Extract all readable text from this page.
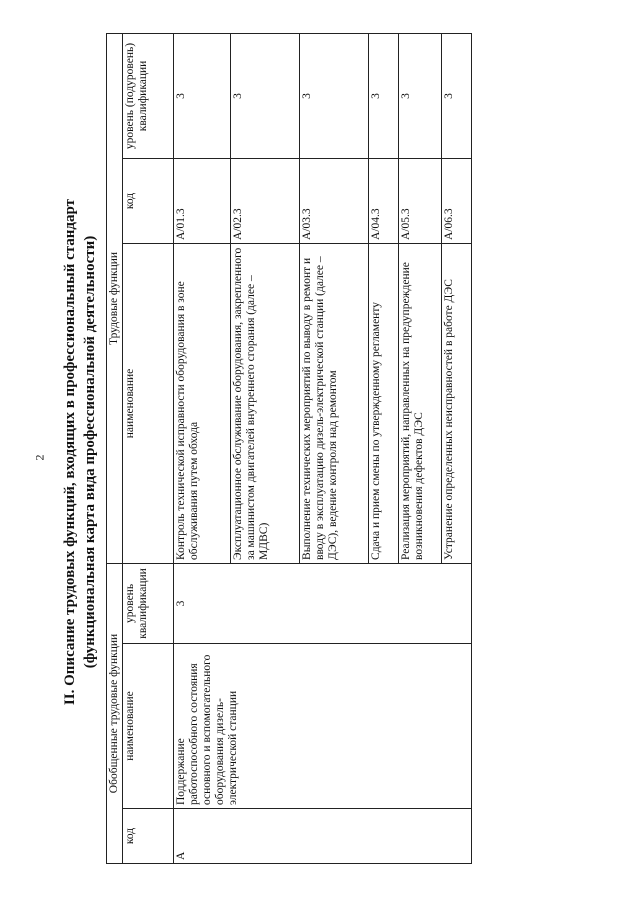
2 II. Описание трудовых функций, входящих в профессиональный стандарт (функциональная карта вида профессиональной деятельности)
Обобщенные трудовые функции			Трудовые функции		
код	наименование	уровень квалификации	наименование	код	уровень (подуровень) квалификации
А	Поддержание работоспособного состояния основного и вспомогательного оборудования дизель-электрической станции	3	Контроль технической исправности оборудования в зоне обслуживания путем обхода	A/01.3	3
			Эксплуатационное обслуживание оборудования, закрепленного за машинистом двигателей внутреннего сгорания (далее – МДВС)	A/02.3	3
			Выполнение технических мероприятий по выводу в ремонт и вводу в эксплуатацию дизель-электрической станции (далее – ДЭС), ведение контроля над ремонтом	A/03.3	3
			Сдача и прием смены по утвержденному регламенту	A/04.3	3
			Реализация мероприятий, направленных на предупреждение возникновения дефектов ДЭС	A/05.3	3
			Устранение определенных неисправностей в работе ДЭС	A/06.3	3
